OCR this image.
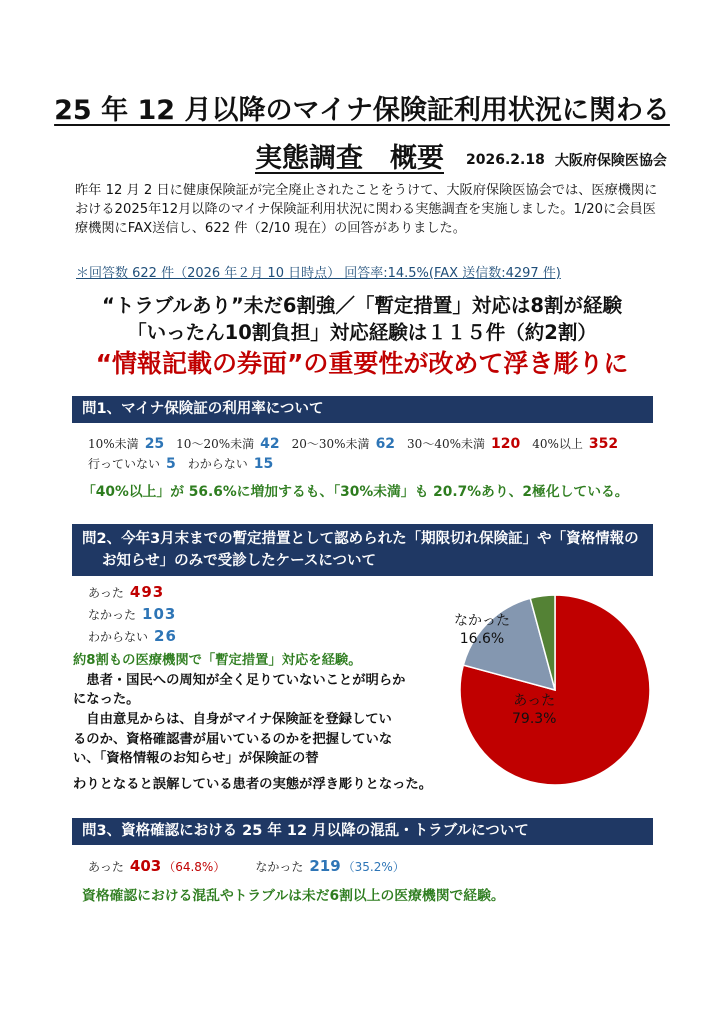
25 年 12 月以降のマイナ保険証利用状況に関わる
実態調査　概要 2026.2.18 大阪府保険医協会
昨年 12 月 2 日に健康保険証が完全廃止されたことをうけて、大阪府保険医協会では、医療機関における2025年12月以降のマイナ保険証利用状況に関わる実態調査を実施しました。1/20に会員医療機関にFAX送信し、622 件（2/10 現在）の回答がありました。
＊回答数 622 件（2026 年２月 10 日時点） 回答率:14.5%(FAX 送信数:4297 件)
“トラブルあり”未だ6割強／「暫定措置」対応は8割が経験
「いったん10割負担」対応経験は１１５件（約2割）
“情報記載の券面”の重要性が改めて浮き彫りに
問1、マイナ保険証の利用率について
10%未満 25 10～20%未満 42 20～30%未満 62 30～40%未満 120 40%以上 352
行っていない 5 わからない 15
「40%以上」が 56.6%に増加するも、「30%未満」も 20.7%あり、2極化している。
問2、今年3月末までの暫定措置として認められた「期限切れ保険証」や「資格情報の
お知らせ」のみで受診したケースについて
あった 493
なかった 103
わからない 26
約8割もの医療機関で「暫定措置」対応を経験。
　患者・国民への周知が全く足りていないことが明らかになった。
　自由意見からは、自身がマイナ保険証を登録しているのか、資格確認書が届いているのかを把握していない、「資格情報のお知らせ」が保険証の替
わりとなると誤解している患者の実態が浮き彫りとなった。
なかった
16.6%
あった
79.3%
問3、資格確認における 25 年 12 月以降の混乱・トラブルについて
あった 403 （64.8%）	なかった 219 （35.2%）
資格確認における混乱やトラブルは未だ6割以上の医療機関で経験。
